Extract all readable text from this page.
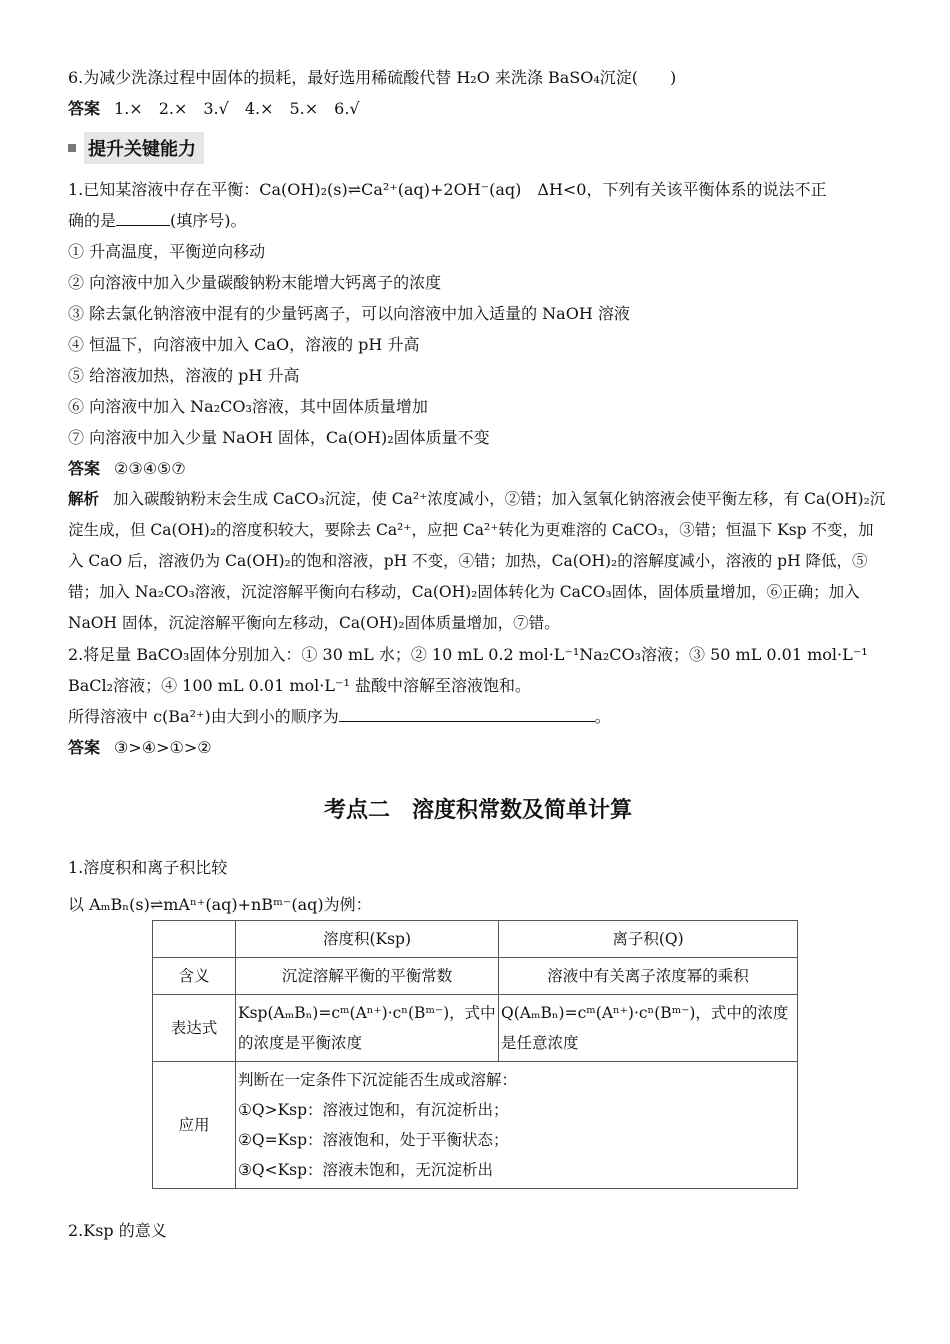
6.为减少洗涤过程中固体的损耗，最好选用稀硫酸代替 H₂O 来洗涤 BaSO₄沉淀(　　)
答案 1.×　2.×　3.√　4.×　5.×　6.√
提升关键能力
1.已知某溶液中存在平衡：Ca(OH)₂(s)⇌Ca²⁺(aq)+2OH⁻(aq)　ΔH<0，下列有关该平衡体系的说法不正
确的是	(填序号)。
① 升高温度，平衡逆向移动
② 向溶液中加入少量碳酸钠粉末能增大钙离子的浓度
③ 除去氯化钠溶液中混有的少量钙离子，可以向溶液中加入适量的 NaOH 溶液
④ 恒温下，向溶液中加入 CaO，溶液的 pH 升高
⑤ 给溶液加热，溶液的 pH 升高
⑥ 向溶液中加入 Na₂CO₃溶液，其中固体质量增加
⑦ 向溶液中加入少量 NaOH 固体，Ca(OH)₂固体质量不变
答案 ②③④⑤⑦
解析 加入碳酸钠粉末会生成 CaCO₃沉淀，使 Ca²⁺浓度减小，②错；加入氢氧化钠溶液会使平衡左移，有 Ca(OH)₂沉淀生成，但 Ca(OH)₂的溶度积较大，要除去 Ca²⁺，应把 Ca²⁺转化为更难溶的 CaCO₃，③错；恒温下 Ksp 不变，加入 CaO 后，溶液仍为 Ca(OH)₂的饱和溶液，pH 不变，④错；加热，Ca(OH)₂的溶解度减小，溶液的 pH 降低，⑤错；加入 Na₂CO₃溶液，沉淀溶解平衡向右移动，Ca(OH)₂固体转化为 CaCO₃固体，固体质量增加，⑥正确；加入 NaOH 固体，沉淀溶解平衡向左移动，Ca(OH)₂固体质量增加，⑦错。
2.将足量 BaCO₃固体分别加入：① 30 mL 水；② 10 mL 0.2 mol·L⁻¹Na₂CO₃溶液；③ 50 mL 0.01 mol·L⁻¹
BaCl₂溶液；④ 100 mL 0.01 mol·L⁻¹ 盐酸中溶解至溶液饱和。
所得溶液中 c(Ba²⁺)由大到小的顺序为	。
答案 ③>④>①>②
考点二　溶度积常数及简单计算
1.溶度积和离子积比较
以 AₘBₙ(s)⇌mAⁿ⁺(aq)+nBᵐ⁻(aq)为例：
	溶度积(Ksp)	离子积(Q)
含义	沉淀溶解平衡的平衡常数	溶液中有关离子浓度幂的乘积
表达式	Ksp(AₘBₙ)=cᵐ(Aⁿ⁺)·cⁿ(Bᵐ⁻)，式中的浓度是平衡浓度	Q(AₘBₙ)=cᵐ(Aⁿ⁺)·cⁿ(Bᵐ⁻)，式中的浓度是任意浓度
应用	判断在一定条件下沉淀能否生成或溶解：
①Q>Ksp：溶液过饱和，有沉淀析出；
②Q=Ksp：溶液饱和，处于平衡状态；
③Q<Ksp：溶液未饱和，无沉淀析出	
2.Ksp 的意义
